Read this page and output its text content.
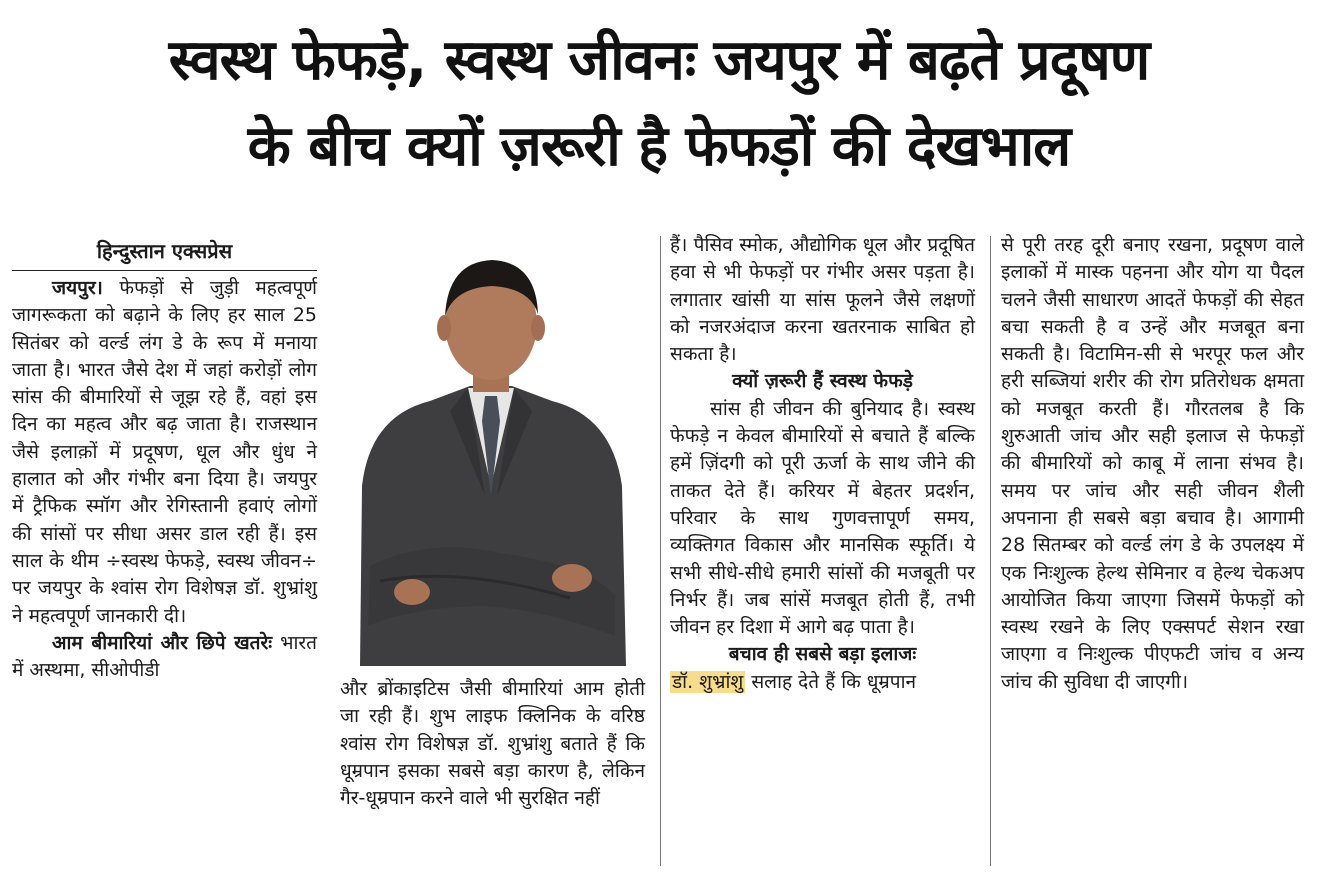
स्वस्थ फेफड़े, स्वस्थ जीवनः जयपुर में बढ़ते प्रदूषण
के बीच क्यों ज़रूरी है फेफड़ों की देखभाल

हिन्दुस्तान एक्सप्रेस

जयपुर। फेफड़ों से जुड़ी महत्वपूर्ण जागरूकता को बढ़ाने के लिए हर साल 25 सितंबर को वर्ल्ड लंग डे के रूप में मनाया जाता है। भारत जैसे देश में जहां करोड़ों लोग सांस की बीमारियों से जूझ रहे हैं, वहां इस दिन का महत्व और बढ़ जाता है। राजस्थान जैसे इलाक़ों में प्रदूषण, धूल और धुंध ने हालात को और गंभीर बना दिया है। जयपुर में ट्रैफिक स्मॉग और रेगिस्तानी हवाएं लोगों की सांसों पर सीधा असर डाल रही हैं। इस साल के थीम ÷स्वस्थ फेफड़े, स्वस्थ जीवन÷ पर जयपुर के श्वांस रोग विशेषज्ञ डॉ. शुभ्रांशु ने महत्वपूर्ण जानकारी दी।

आम बीमारियां और छिपे खतरेः भारत में अस्थमा, सीओपीडी

और ब्रोंकाइटिस जैसी बीमारियां आम होती जा रही हैं। शुभ लाइफ क्लिनिक के वरिष्ठ श्वांस रोग विशेषज्ञ डॉ. शुभ्रांशु बताते हैं कि धूम्रपान इसका सबसे बड़ा कारण है, लेकिन गैर-धूम्रपान करने वाले भी सुरक्षित नहीं

हैं। पैसिव स्मोक, औद्योगिक धूल और प्रदूषित हवा से भी फेफड़ों पर गंभीर असर पड़ता है। लगातार खांसी या सांस फूलने जैसे लक्षणों को नजरअंदाज करना खतरनाक साबित हो सकता है।

क्यों ज़रूरी हैं स्वस्थ फेफड़े

सांस ही जीवन की बुनियाद है। स्वस्थ फेफड़े न केवल बीमारियों से बचाते हैं बल्कि हमें ज़िंदगी को पूरी ऊर्जा के साथ जीने की ताकत देते हैं। करियर में बेहतर प्रदर्शन, परिवार के साथ गुणवत्तापूर्ण समय, व्यक्तिगत विकास और मानसिक स्फूर्ति। ये सभी सीधे-सीधे हमारी सांसों की मजबूती पर निर्भर हैं। जब सांसें मजबूत होती हैं, तभी जीवन हर दिशा में आगे बढ़ पाता है।

बचाव ही सबसे बड़ा इलाजः

डॉ. शुभ्रांशु सलाह देते हैं कि धूम्रपान

से पूरी तरह दूरी बनाए रखना, प्रदूषण वाले इलाकों में मास्क पहनना और योग या पैदल चलने जैसी साधारण आदतें फेफड़ों की सेहत बचा सकती है व उन्हें और मजबूत बना सकती है। विटामिन-सी से भरपूर फल और हरी सब्जियां शरीर की रोग प्रतिरोधक क्षमता को मजबूत करती हैं। गौरतलब है कि शुरुआती जांच और सही इलाज से फेफड़ों की बीमारियों को काबू में लाना संभव है। समय पर जांच और सही जीवन शैली अपनाना ही सबसे बड़ा बचाव है। आगामी 28 सितम्बर को वर्ल्ड लंग डे के उपलक्ष्य में एक निःशुल्क हेल्थ सेमिनार व हेल्थ चेकअप आयोजित किया जाएगा जिसमें फेफड़ों को स्वस्थ रखने के लिए एक्सपर्ट सेशन रखा जाएगा व निःशुल्क पीएफटी जांच व अन्य जांच की सुविधा दी जाएगी।
